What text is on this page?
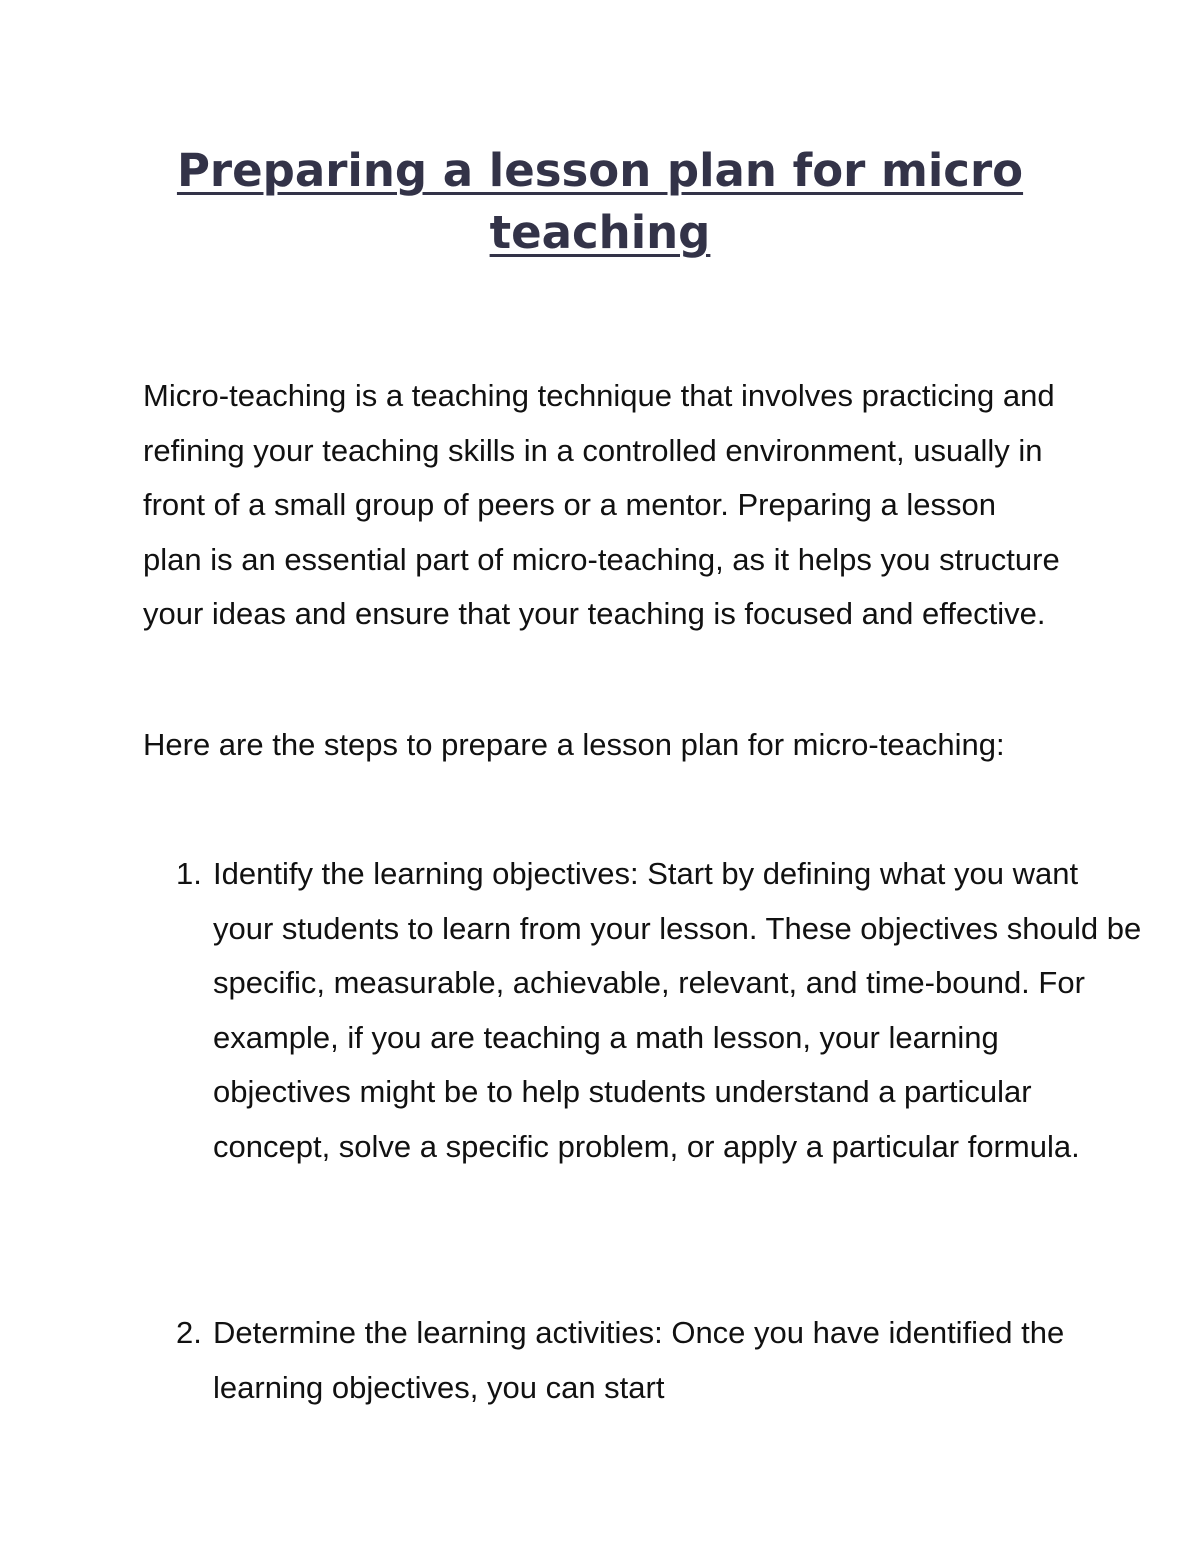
Preparing a lesson plan for micro
teaching

Micro-teaching is a teaching technique that involves practicing and refining your teaching skills in a controlled environment, usually in front of a small group of peers or a mentor. Preparing a lesson plan is an essential part of micro-teaching, as it helps you structure your ideas and ensure that your teaching is focused and effective.

Here are the steps to prepare a lesson plan for micro-teaching:

1. Identify the learning objectives: Start by defining what you want your students to learn from your lesson. These objectives should be specific, measurable, achievable, relevant, and time-bound. For example, if you are teaching a math lesson, your learning objectives might be to help students understand a particular concept, solve a specific problem, or apply a particular formula.
2. Determine the learning activities: Once you have identified the learning objectives, you can start
